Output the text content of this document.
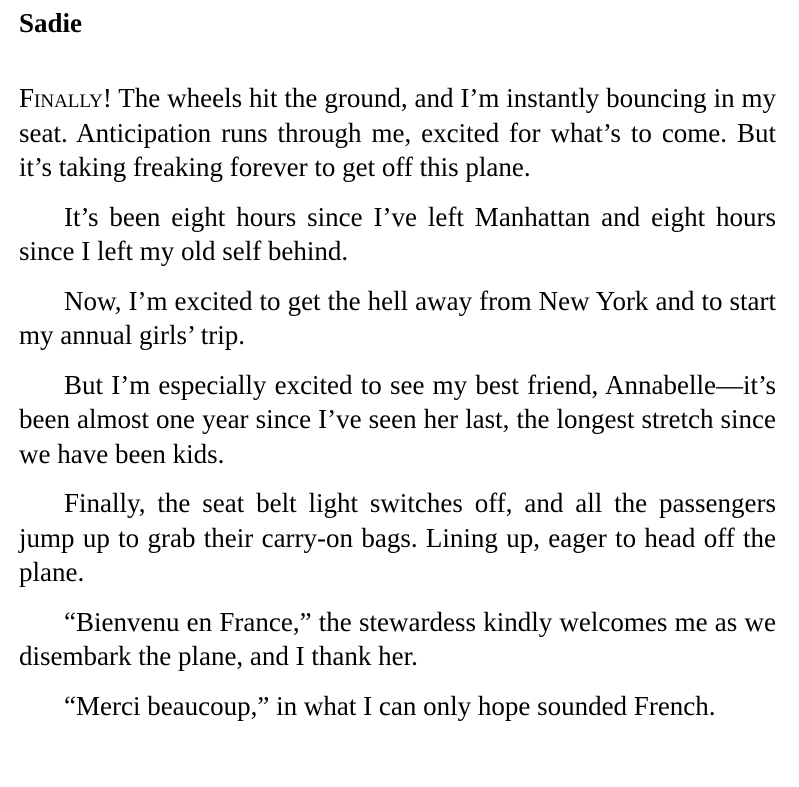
Sadie

Finally! The wheels hit the ground, and I’m instantly bouncing in my seat. Anticipation runs through me, excited for what’s to come. But it’s taking freaking forever to get off this plane.

It’s been eight hours since I’ve left Manhattan and eight hours since I left my old self behind.

Now, I’m excited to get the hell away from New York and to start my annual girls’ trip.

But I’m especially excited to see my best friend, Annabelle—it’s been almost one year since I’ve seen her last, the longest stretch since we have been kids.

Finally, the seat belt light switches off, and all the passengers jump up to grab their carry-on bags. Lining up, eager to head off the plane.

“Bienvenu en France,” the stewardess kindly welcomes me as we disembark the plane, and I thank her.

“Merci beaucoup,” in what I can only hope sounded French.
